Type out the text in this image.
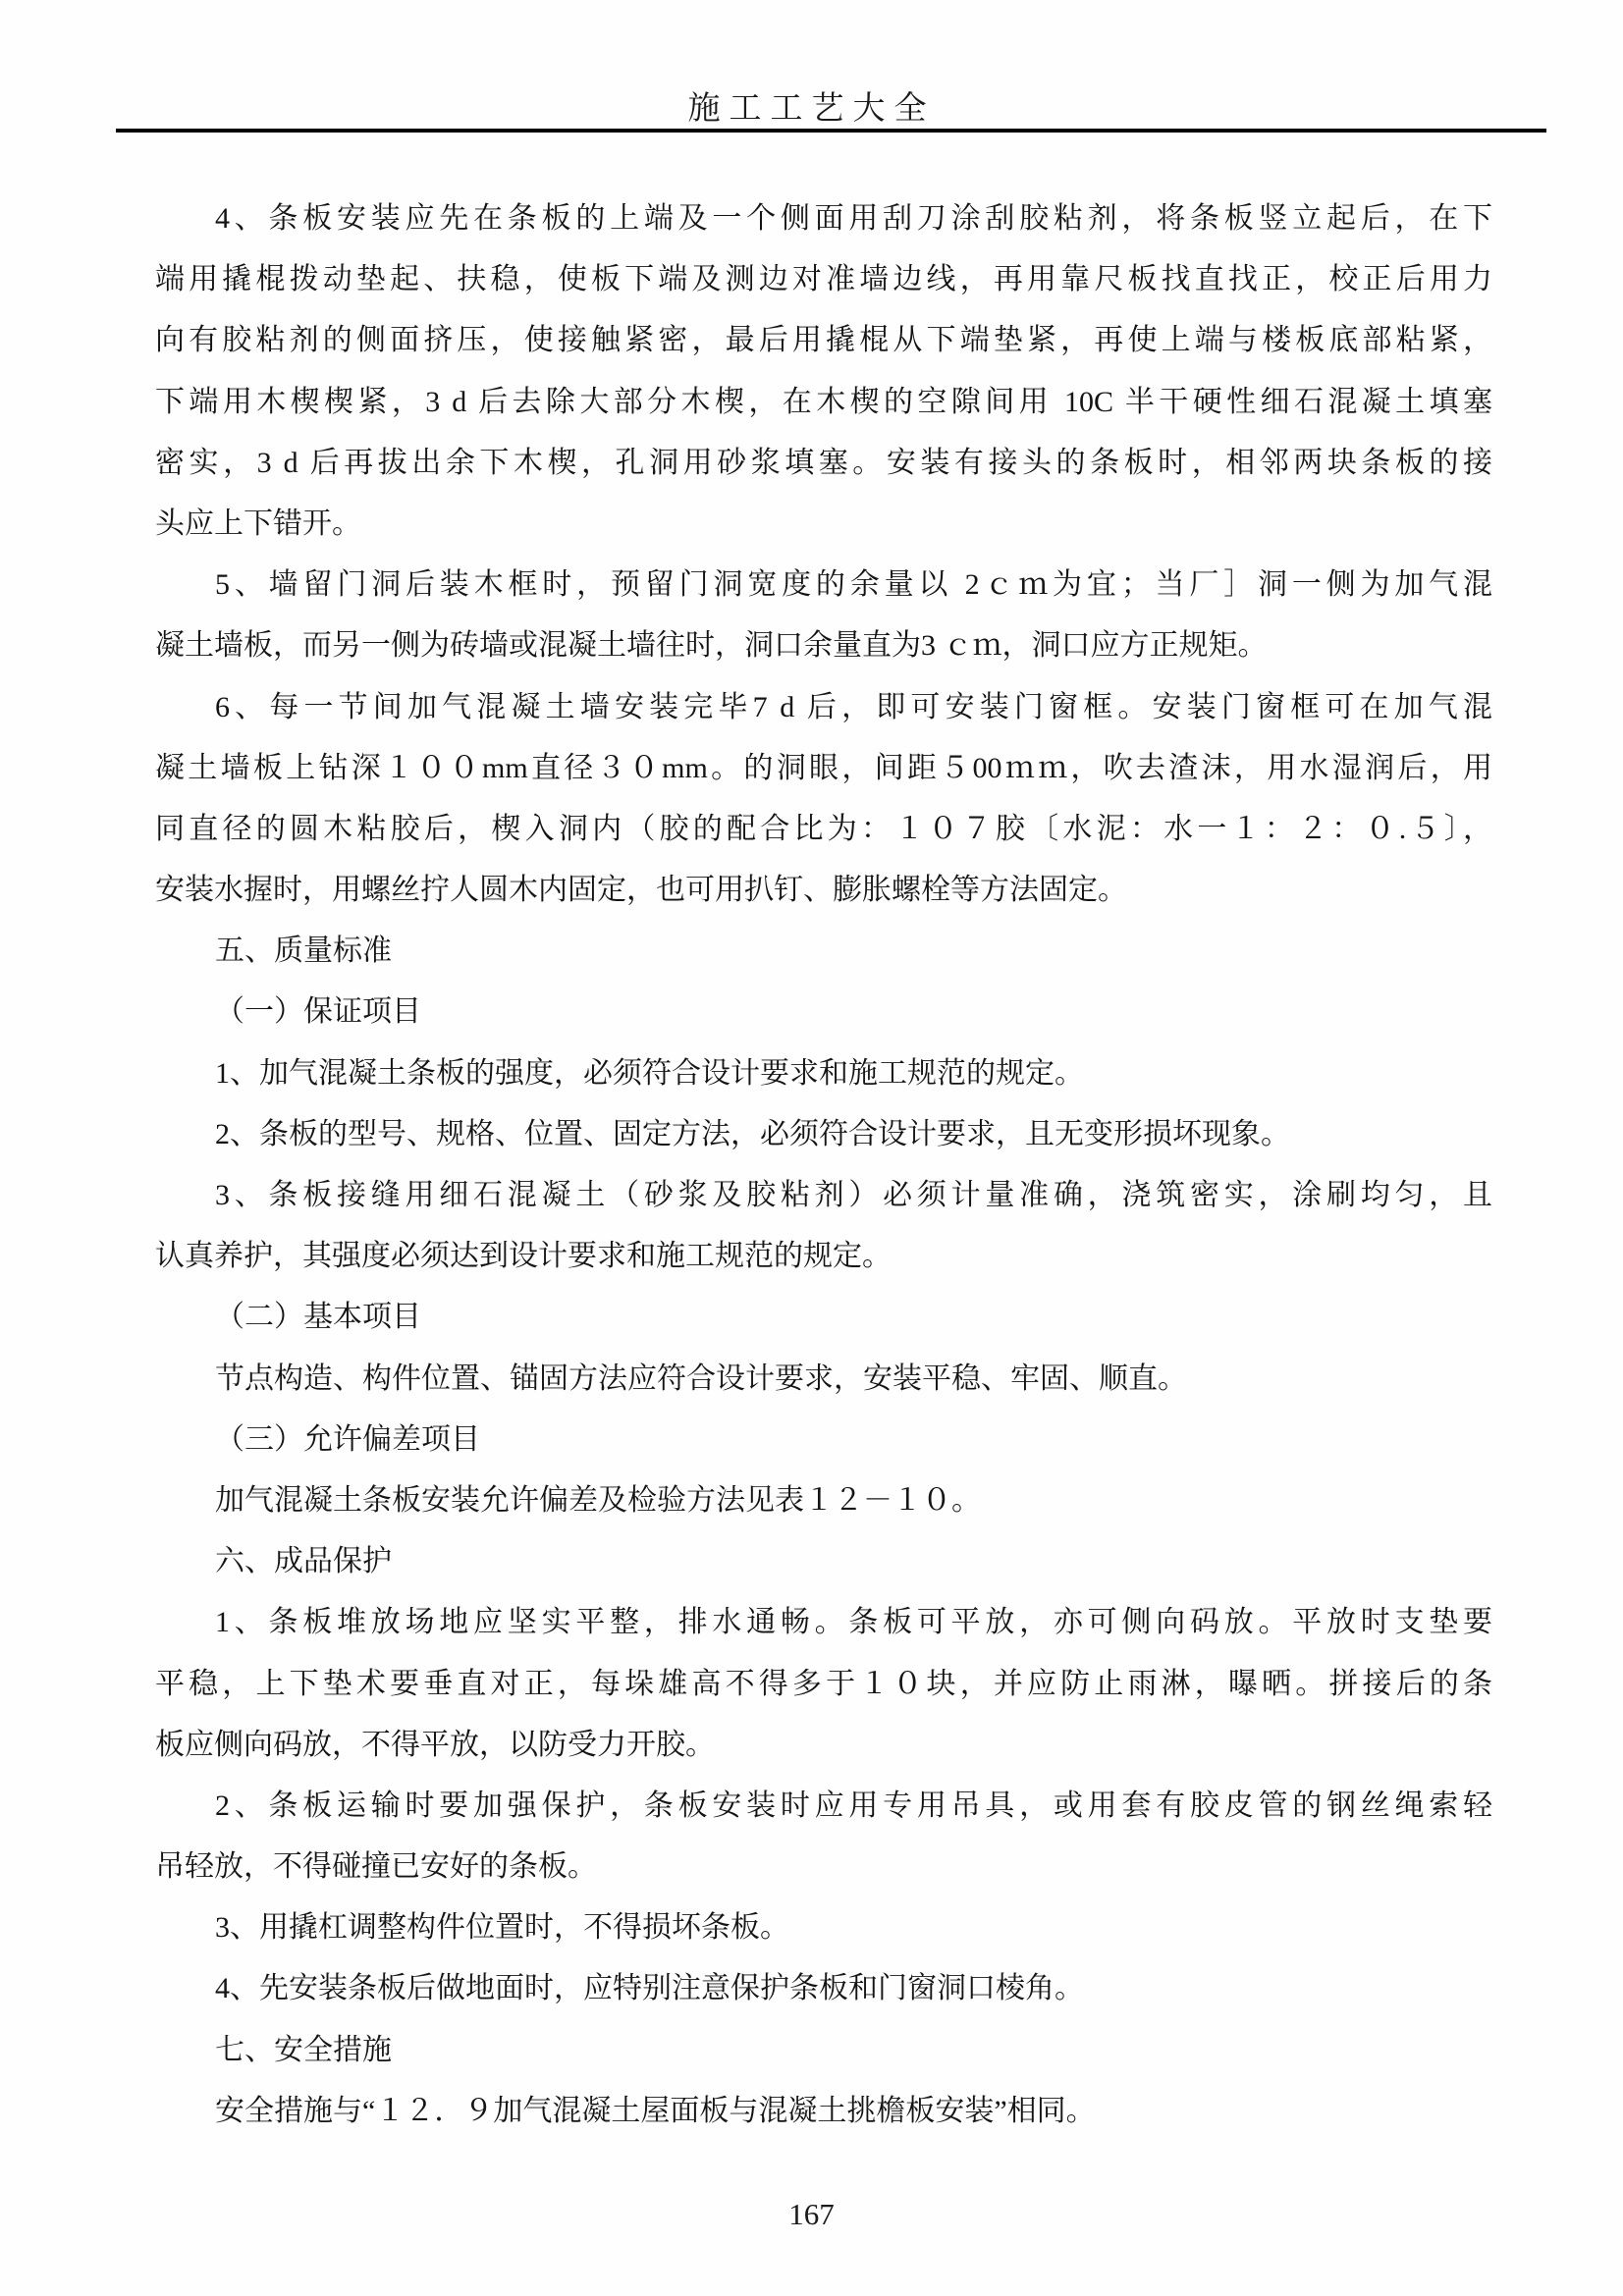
施工工艺大全
4、条板安装应先在条板的上端及一个侧面用刮刀涂刮胶粘剂，将条板竖立起后，在下
端用撬棍拨动垫起、扶稳，使板下端及测边对准墙边线，再用靠尺板找直找正，校正后用力
向有胶粘剂的侧面挤压，使接触紧密，最后用撬棍从下端垫紧，再使上端与楼板底部粘紧，
下端用木楔楔紧，3 d 后去除大部分木楔，在木楔的空隙间用 10C 半干硬性细石混凝土填塞
密实，3 d 后再拔出余下木楔，孔洞用砂浆填塞。安装有接头的条板时，相邻两块条板的接
头应上下错开。
5、墙留门洞后装木框时，预留门洞宽度的余量以 2ｃｍ为宜；当厂］洞一侧为加气混
凝土墙板，而另一侧为砖墙或混凝土墙往时，洞口余量直为3 ｃｍ，洞口应方正规矩。
6、每一节间加气混凝土墙安装完毕7 d 后，即可安装门窗框。安装门窗框可在加气混
凝土墙板上钻深１００mm直径３０mm。的洞眼，间距５00ｍｍ，吹去渣沫，用水湿润后，用
同直径的圆木粘胶后，楔入洞内（胶的配合比为：１０７胶〔水泥：水一１：２：０.５〕，
安装水握时，用螺丝拧人圆木内固定，也可用扒钉、膨胀螺栓等方法固定。
五、质量标准
（一）保证项目
1、加气混凝土条板的强度，必须符合设计要求和施工规范的规定。
2、条板的型号、规格、位置、固定方法，必须符合设计要求，且无变形损坏现象。
3、条板接缝用细石混凝土（砂浆及胶粘剂）必须计量准确，浇筑密实，涂刷均匀，且
认真养护，其强度必须达到设计要求和施工规范的规定。
（二）基本项目
节点构造、构件位置、锚固方法应符合设计要求，安装平稳、牢固、顺直。
（三）允许偏差项目
加气混凝土条板安装允许偏差及检验方法见表１２－１０。
六、成品保护
1、条板堆放场地应坚实平整，排水通畅。条板可平放，亦可侧向码放。平放时支垫要
平稳，上下垫术要垂直对正，每垛雄高不得多于１０块，并应防止雨淋，曝晒。拼接后的条
板应侧向码放，不得平放，以防受力开胶。
2、条板运输时要加强保护，条板安装时应用专用吊具，或用套有胶皮管的钢丝绳索轻
吊轻放，不得碰撞已安好的条板。
3、用撬杠调整构件位置时，不得损坏条板。
4、先安装条板后做地面时，应特别注意保护条板和门窗洞口棱角。
七、安全措施
安全措施与“１２．９加气混凝土屋面板与混凝土挑檐板安装”相同。
167
